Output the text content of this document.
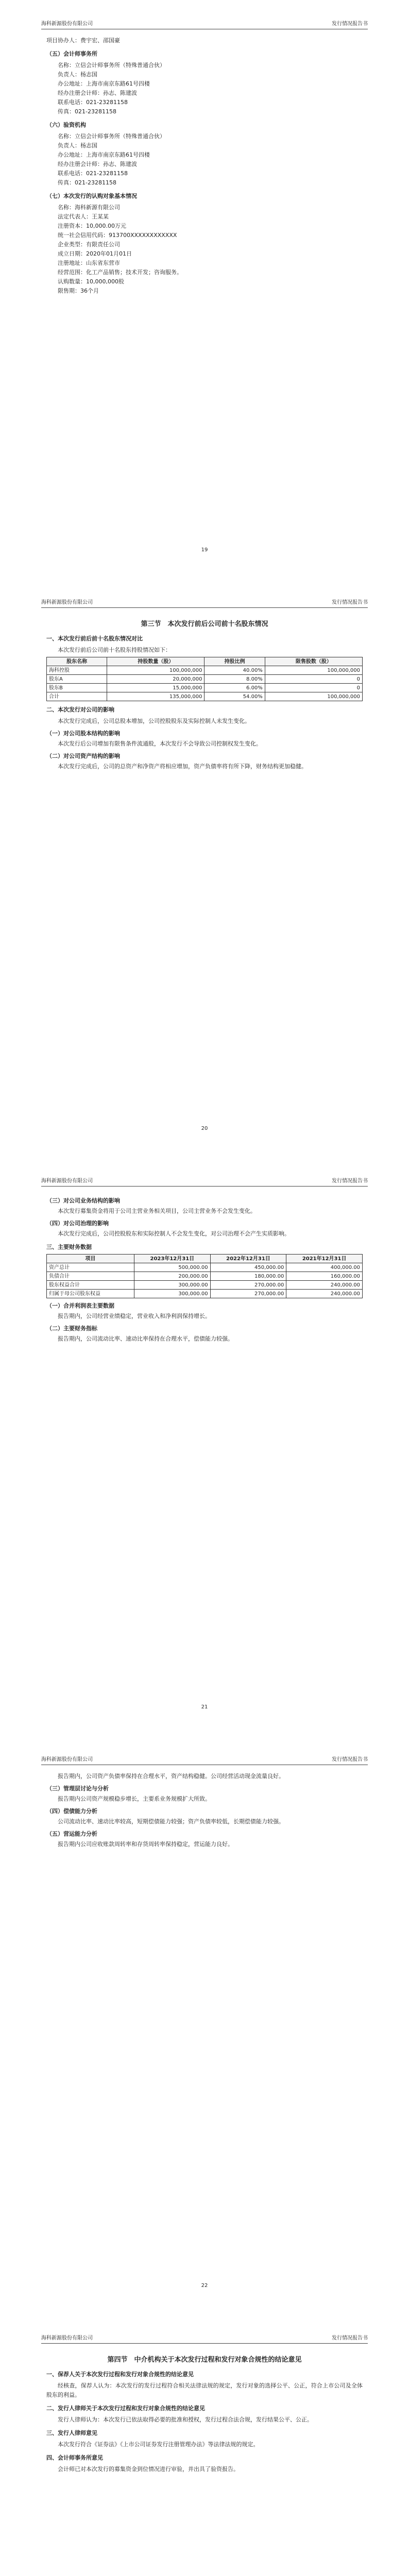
海科新源股份有限公司	发行情况报告书
项目协办人：费宇宏、邵国豪
（五）会计师事务所
名称：立信会计师事务所（特殊普通合伙）
负责人：杨志国
办公地址：上海市南京东路61号四楼
经办注册会计师：孙志、陈建波
联系电话：021-23281158
传真：021-23281158
（六）验资机构
名称：立信会计师事务所（特殊普通合伙）
负责人：杨志国
办公地址：上海市南京东路61号四楼
经办注册会计师：孙志、陈建波
联系电话：021-23281158
传真：021-23281158
（七）本次发行的认购对象基本情况
名称：海科新源有限公司
法定代表人：王某某
注册资本：10,000.00万元
统一社会信用代码：913700XXXXXXXXXXXX
企业类型：有限责任公司
成立日期：2020年01月01日
注册地址：山东省东营市
经营范围：化工产品销售；技术开发；咨询服务。
认购数量：10,000,000股
限售期：36个月
19
海科新源股份有限公司	发行情况报告书
第三节　本次发行前后公司前十名股东情况
一、本次发行前后前十名股东情况对比

本次发行前后公司前十名股东持股情况如下：

股东名称	持股数量（股）	持股比例	限售股数（股）
海科控股	100,000,000	40.00%	100,000,000
股东A	20,000,000	8.00%	0
股东B	15,000,000	6.00%	0
合计	135,000,000	54.00%	100,000,000
二、本次发行对公司的影响

本次发行完成后，公司总股本增加，公司控股股东及实际控制人未发生变化。

（一）对公司股本结构的影响

本次发行后公司增加有限售条件流通股，本次发行不会导致公司控制权发生变化。

（二）对公司资产结构的影响

本次发行完成后，公司的总资产和净资产将相应增加，资产负债率将有所下降，财务结构更加稳健。

20
海科新源股份有限公司	发行情况报告书
（三）对公司业务结构的影响

本次发行募集资金将用于公司主营业务相关项目，公司主营业务不会发生变化。

（四）对公司治理的影响

本次发行完成后，公司控股股东和实际控制人不会发生变化，对公司治理不会产生实质影响。

三、主要财务数据
项目	2023年12月31日	2022年12月31日	2021年12月31日
资产总计	500,000.00	450,000.00	400,000.00
负债合计	200,000.00	180,000.00	160,000.00
股东权益合计	300,000.00	270,000.00	240,000.00
归属于母公司股东权益	300,000.00	270,000.00	240,000.00
（一）合并利润表主要数据

报告期内，公司经营业绩稳定，营业收入和净利润保持增长。

（二）主要财务指标

报告期内，公司流动比率、速动比率保持在合理水平，偿债能力较强。

21
海科新源股份有限公司	发行情况报告书

报告期内，公司资产负债率保持在合理水平，资产结构稳健。公司经营活动现金流量良好。

（三）管理层讨论与分析

报告期内公司资产规模稳步增长，主要系业务规模扩大所致。

（四）偿债能力分析

公司流动比率、速动比率较高，短期偿债能力较强；资产负债率较低，长期偿债能力较强。

（五）营运能力分析

报告期内公司应收账款周转率和存货周转率保持稳定，营运能力良好。

22
海科新源股份有限公司	发行情况报告书
第四节　中介机构关于本次发行过程和发行对象合规性的结论意见
一、保荐人关于本次发行过程和发行对象合规性的结论意见

经核查，保荐人认为：本次发行的发行过程符合相关法律法规的规定，发行对象的选择公平、公正，符合上市公司及全体股东的利益。

二、发行人律师关于本次发行过程和发行对象合规性的结论意见

发行人律师认为：本次发行已依法取得必要的批准和授权，发行过程合法合规，发行结果公平、公正。

三、发行人律师意见

本次发行符合《证券法》《上市公司证券发行注册管理办法》等法律法规的规定。

四、会计师事务所意见

会计师已对本次发行的募集资金到位情况进行审验，并出具了验资报告。
